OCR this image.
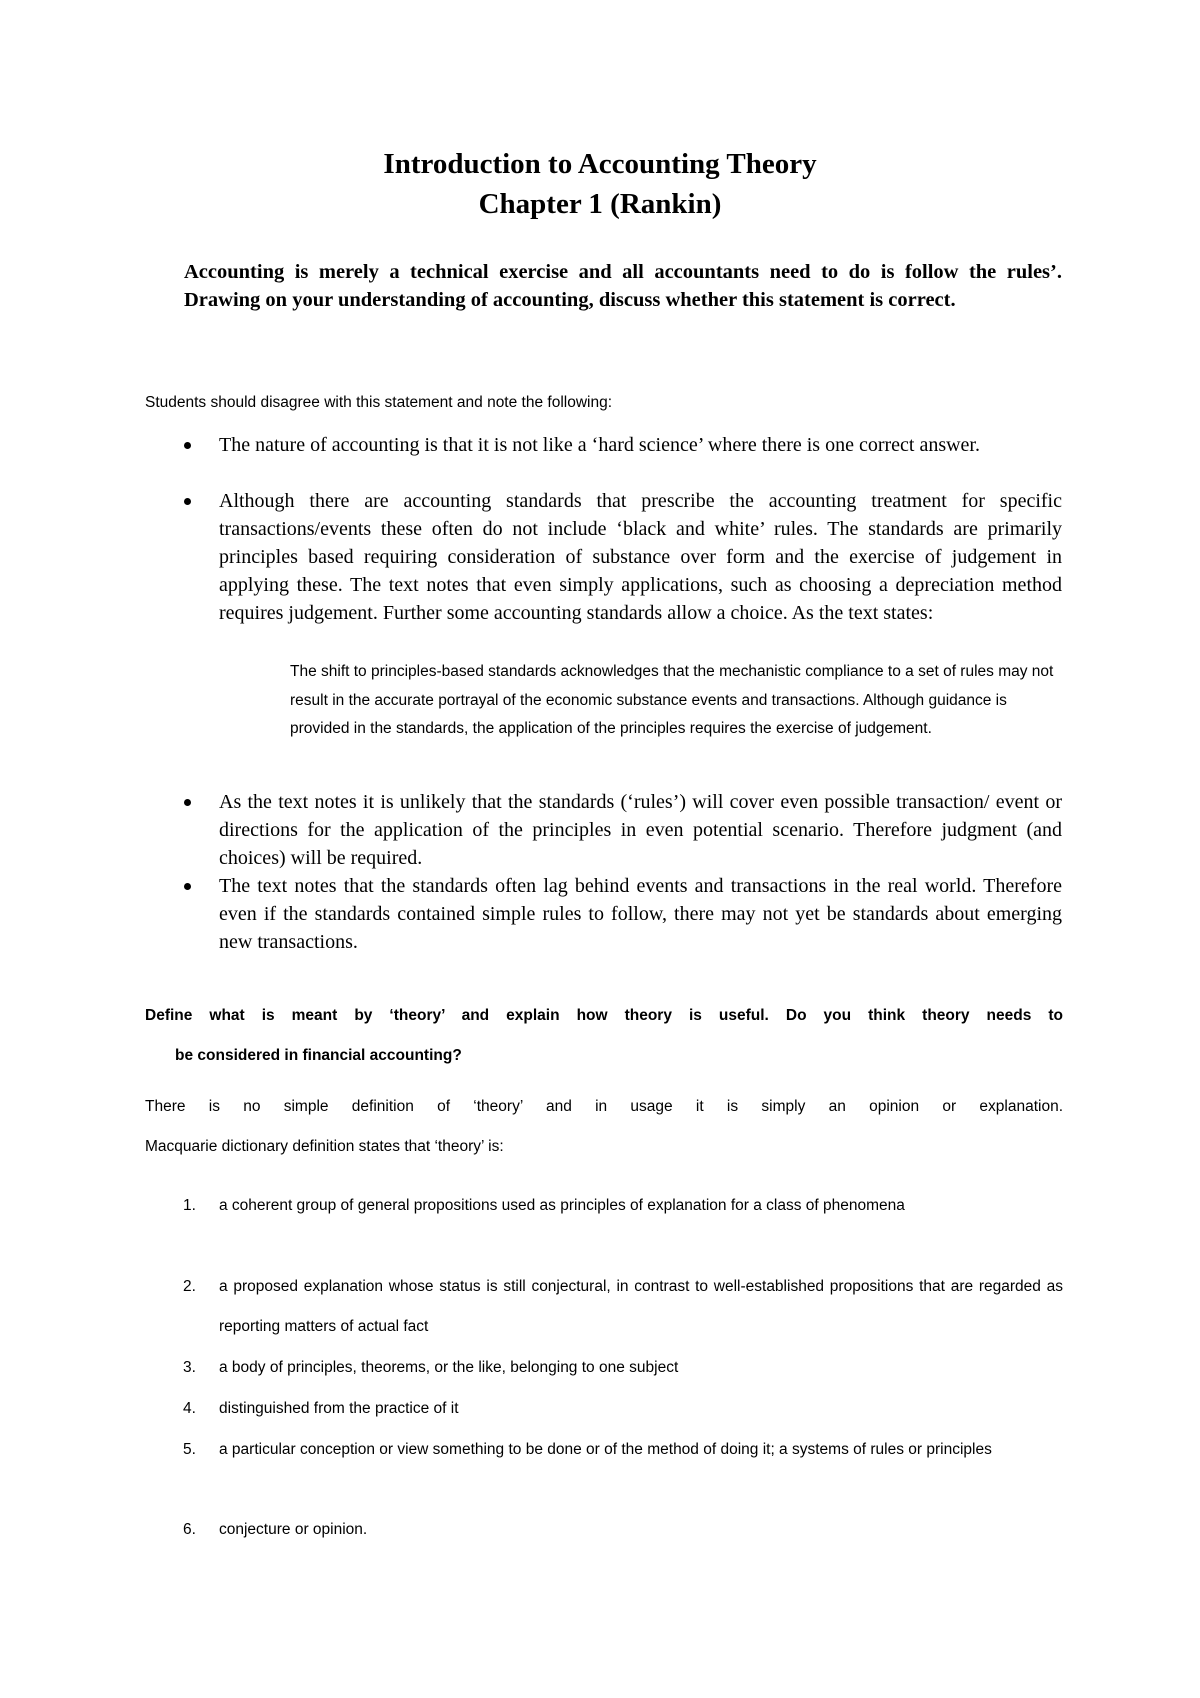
Introduction to Accounting Theory
Chapter 1 (Rankin)
Accounting is merely a technical exercise and all accountants need to do is follow the rules’. Drawing on your understanding of accounting, discuss whether this statement is correct.
Students should disagree with this statement and note the following:
The nature of accounting is that it is not like a ‘hard science’ where there is one correct answer.
Although there are accounting standards that prescribe the accounting treatment for specific transactions/events these often do not include ‘black and white’ rules. The standards are primarily principles based requiring consideration of substance over form and the exercise of judgement in applying these. The text notes that even simply applications, such as choosing a depreciation method requires judgement. Further some accounting standards allow a choice. As the text states:
As the text notes it is unlikely that the standards (‘rules’) will cover even possible transaction/ event or directions for the application of the principles in even potential scenario. Therefore judgment (and choices) will be required.
The text notes that the standards often lag behind events and transactions in the real world. Therefore even if the standards contained simple rules to follow, there may not yet be standards about emerging new transactions.
The shift to principles-based standards acknowledges that the mechanistic compliance to a set of rules may not result in the accurate portrayal of the economic substance events and transactions. Although guidance is provided in the standards, the application of the principles requires the exercise of judgement.
Define what is meant by ‘theory’ and explain how theory is useful. Do you think theory needs to
be considered in financial accounting?
There is no simple definition of ‘theory’ and in usage it is simply an opinion or explanation.
Macquarie dictionary definition states that ‘theory’ is:
1.	a coherent group of general propositions used as principles of explanation for a class of phenomena
2.	a proposed explanation whose status is still conjectural, in contrast to well-established propositions that are regarded as reporting matters of actual fact
3.	a body of principles, theorems, or the like, belonging to one subject
4.	distinguished from the practice of it
5.	a particular conception or view something to be done or of the method of doing it; a systems of rules or principles
6.	conjecture or opinion.
